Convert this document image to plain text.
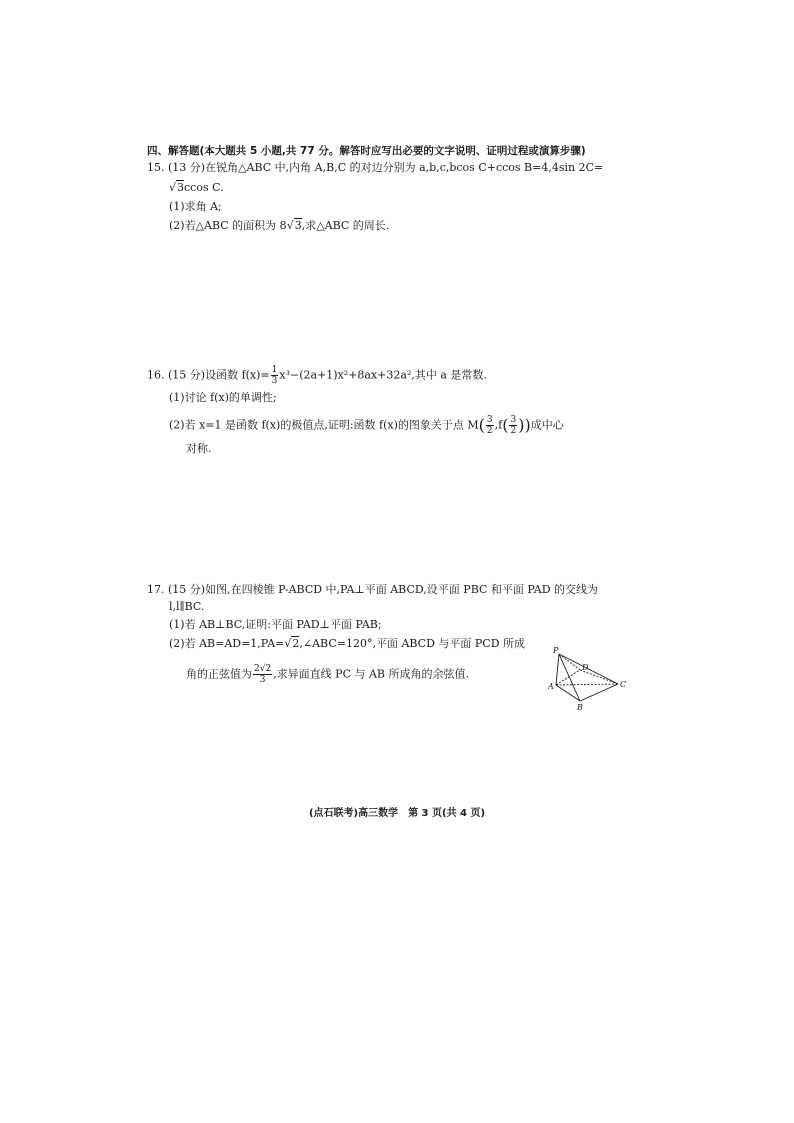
四、解答题(本大题共 5 小题,共 77 分。解答时应写出必要的文字说明、证明过程或演算步骤)
15. (13 分)在锐角△ABC 中,内角 A,B,C 的对边分别为 a,b,c,bcos C+ccos B=4,4sin 2C=
√3ccos C.
(1)求角 A;
(2)若△ABC 的面积为 8√3,求△ABC 的周长.
16. (15 分)设函数 $f(x)= \frac{1}{3} x^3-(2a+1)x^2+8ax+32a^2$,其中 a 是常数.
(1)讨论 f(x)的单调性;
(2)若 x=1 是函数 f(x)的极值点,证明:函数 f(x)的图象关于点 $M( \frac{3}{2} ,f( \frac{3}{2}$ ))成中心
对称.
17. (15 分)如图,在四棱锥 P-ABCD 中,PA⊥平面 ABCD,设平面 PBC 和平面 PAD 的交线为
l,l∥BC.
(1)若 AB⊥BC,证明:平面 PAD⊥平面 PAB;
(2)若 AB=AD=1,PA=√2,∠ABC=120°,平面 ABCD 与平面 PCD 所成
角的正弦值为 $\frac{2√2}{3}$ ,求异面直线 PC 与 AB 所成角的余弦值.
P
A
B
C
D
(点石联考)高三数学　第 3 页(共 4 页)
